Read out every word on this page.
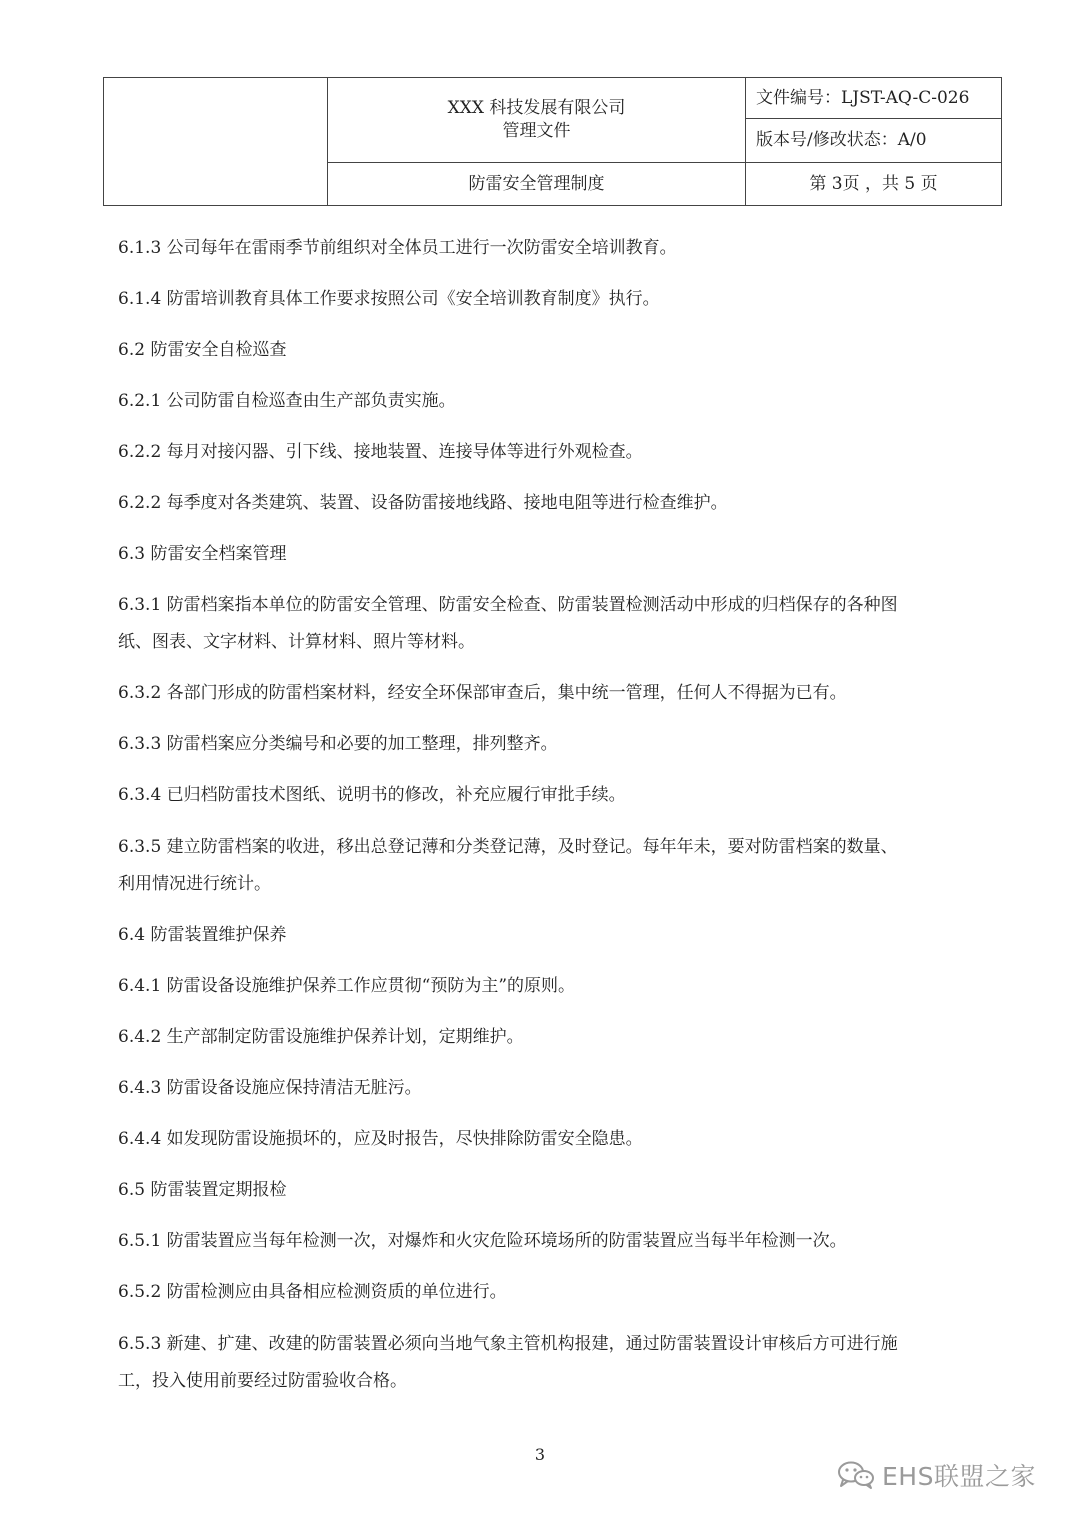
XXX 科技发展有限公司
管理文件
防雷安全管理制度
文件编号：LJST-AQ-C-026
版本号/修改状态：A/0
第 3页 ，共 5 页
6.1.3 公司每年在雷雨季节前组织对全体员工进行一次防雷安全培训教育。
6.1.4 防雷培训教育具体工作要求按照公司《安全培训教育制度》执行。
6.2 防雷安全自检巡查
6.2.1 公司防雷自检巡查由生产部负责实施。
6.2.2 每月对接闪器、引下线、接地装置、连接导体等进行外观检查。
6.2.2 每季度对各类建筑、装置、设备防雷接地线路、接地电阻等进行检查维护。
6.3 防雷安全档案管理
6.3.1 防雷档案指本单位的防雷安全管理、防雷安全检查、防雷装置检测活动中形成的归档保存的各种图
纸、图表、文字材料、计算材料、照片等材料。
6.3.2 各部门形成的防雷档案材料，经安全环保部审查后，集中统一管理，任何人不得据为已有。
6.3.3 防雷档案应分类编号和必要的加工整理，排列整齐。
6.3.4 已归档防雷技术图纸、说明书的修改，补充应履行审批手续。
6.3.5 建立防雷档案的收进，移出总登记薄和分类登记薄，及时登记。每年年未，要对防雷档案的数量、
利用情况进行统计。
6.4 防雷装置维护保养
6.4.1 防雷设备设施维护保养工作应贯彻“预防为主”的原则。
6.4.2 生产部制定防雷设施维护保养计划，定期维护。
6.4.3 防雷设备设施应保持清洁无脏污。
6.4.4 如发现防雷设施损坏的，应及时报告，尽快排除防雷安全隐患。
6.5 防雷装置定期报检
6.5.1 防雷装置应当每年检测一次，对爆炸和火灾危险环境场所的防雷装置应当每半年检测一次。
6.5.2 防雷检测应由具备相应检测资质的单位进行。
6.5.3 新建、扩建、改建的防雷装置必须向当地气象主管机构报建，通过防雷装置设计审核后方可进行施
工，投入使用前要经过防雷验收合格。
3
EHS联盟之家
